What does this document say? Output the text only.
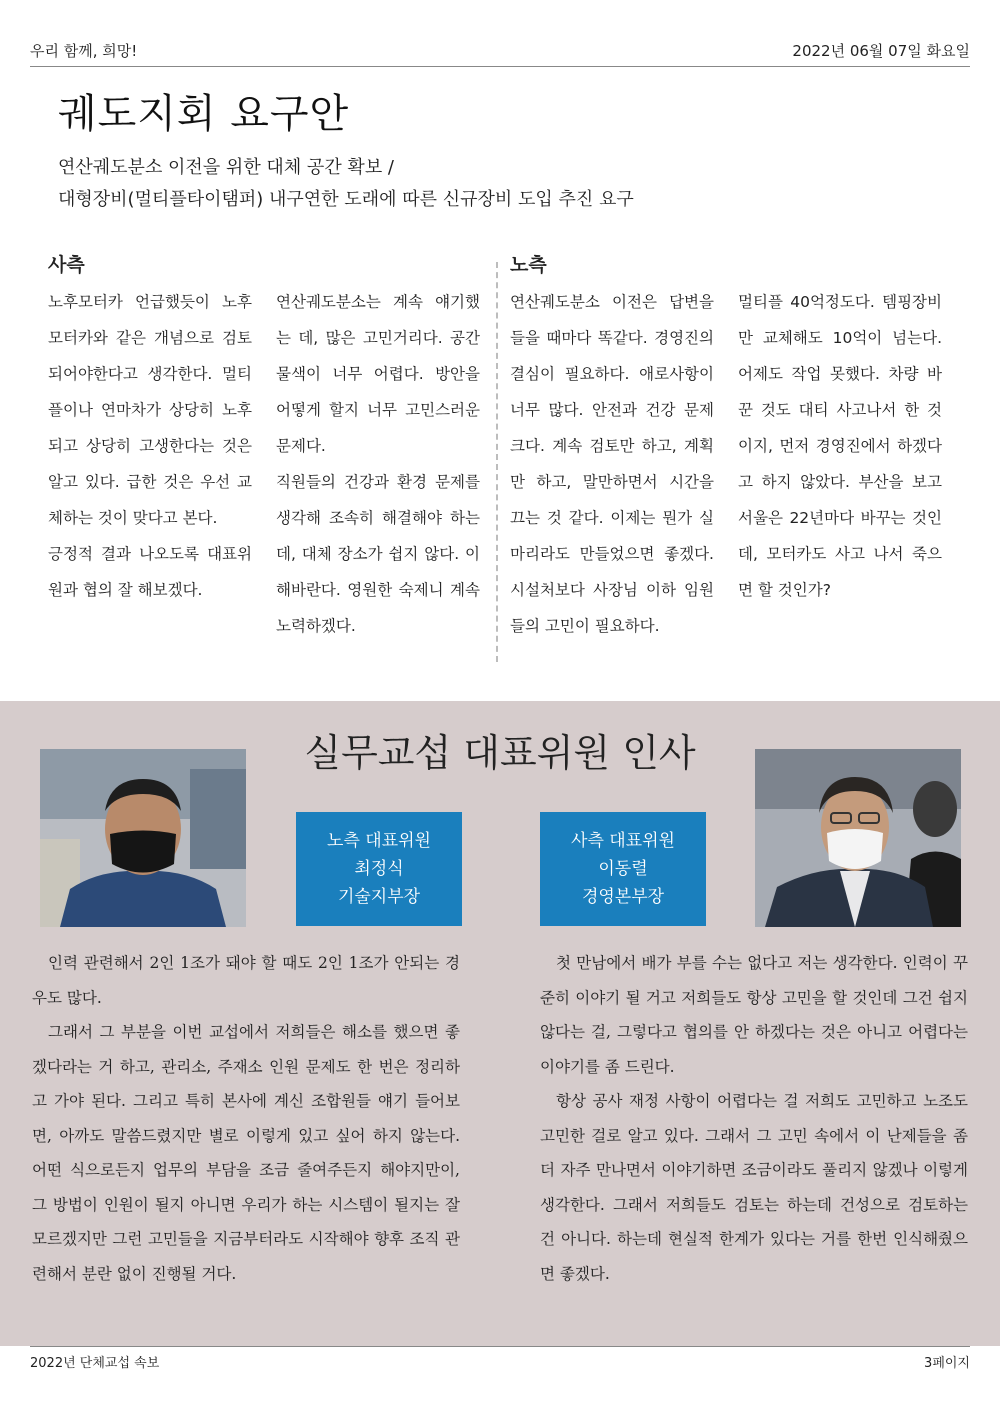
우리 함께, 희망!	2022년 06월 07일 화요일
궤도지회 요구안
연산궤도분소 이전을 위한 대체 공간 확보 /
대형장비(멀티플타이탬퍼) 내구연한 도래에 따른 신규장비 도입 추진 요구
사측

노후모터카 언급했듯이 노후 모터카와 같은 개념으로 검토되어야한다고 생각한다. 멀티플이나 연마차가 상당히 노후되고 상당히 고생한다는 것은 알고 있다. 급한 것은 우선 교체하는 것이 맞다고 본다.

긍정적 결과 나오도록 대표위원과 협의 잘 해보겠다.

연산궤도분소는 계속 얘기했는 데, 많은 고민거리다. 공간 물색이 너무 어렵다. 방안을 어떻게 할지 너무 고민스러운 문제다.

직원들의 건강과 환경 문제를 생각해 조속히 해결해야 하는 데, 대체 장소가 쉽지 않다. 이해바란다. 영원한 숙제니 계속 노력하겠다.

노측

연산궤도분소 이전은 답변을 들을 때마다 똑같다. 경영진의 결심이 필요하다. 애로사항이 너무 많다. 안전과 건강 문제 크다. 계속 검토만 하고, 계획만 하고, 말만하면서 시간을 끄는 것 같다. 이제는 뭔가 실마리라도 만들었으면 좋겠다. 시설처보다 사장님 이하 임원들의 고민이 필요하다.

멀티플 40억정도다. 템핑장비만 교체해도 10억이 넘는다. 어제도 작업 못했다. 차량 바꾼 것도 대티 사고나서 한 것이지, 먼저 경영진에서 하겠다고 하지 않았다. 부산을 보고 서울은 22년마다 바꾸는 것인데, 모터카도 사고 나서 죽으면 할 것인가?

실무교섭 대표위원 인사
노측 대표위원
최정식
기술지부장
사측 대표위원
이동렬
경영본부장

인력 관련해서 2인 1조가 돼야 할 때도 2인 1조가 안되는 경우도 많다.

그래서 그 부분을 이번 교섭에서 저희들은 해소를 했으면 좋겠다라는 거 하고, 관리소, 주재소 인원 문제도 한 번은 정리하고 가야 된다. 그리고 특히 본사에 계신 조합원들 얘기 들어보면, 아까도 말씀드렸지만 별로 이렇게 있고 싶어 하지 않는다. 어떤 식으로든지 업무의 부담을 조금 줄여주든지 해야지만이, 그 방법이 인원이 될지 아니면 우리가 하는 시스템이 될지는 잘 모르겠지만 그런 고민들을 지금부터라도 시작해야 향후 조직 관련해서 분란 없이 진행될 거다.

첫 만남에서 배가 부를 수는 없다고 저는 생각한다. 인력이 꾸준히 이야기 될 거고 저희들도 항상 고민을 할 것인데 그건 쉽지 않다는 걸, 그렇다고 협의를 안 하겠다는 것은 아니고 어렵다는 이야기를 좀 드린다.

항상 공사 재정 사항이 어렵다는 걸 저희도 고민하고 노조도 고민한 걸로 알고 있다. 그래서 그 고민 속에서 이 난제들을 좀 더 자주 만나면서 이야기하면 조금이라도 풀리지 않겠나 이렇게 생각한다. 그래서 저희들도 검토는 하는데 건성으로 검토하는 건 아니다. 하는데 현실적 한계가 있다는 거를 한번 인식해줬으면 좋겠다.

2022년 단체교섭 속보	3페이지
